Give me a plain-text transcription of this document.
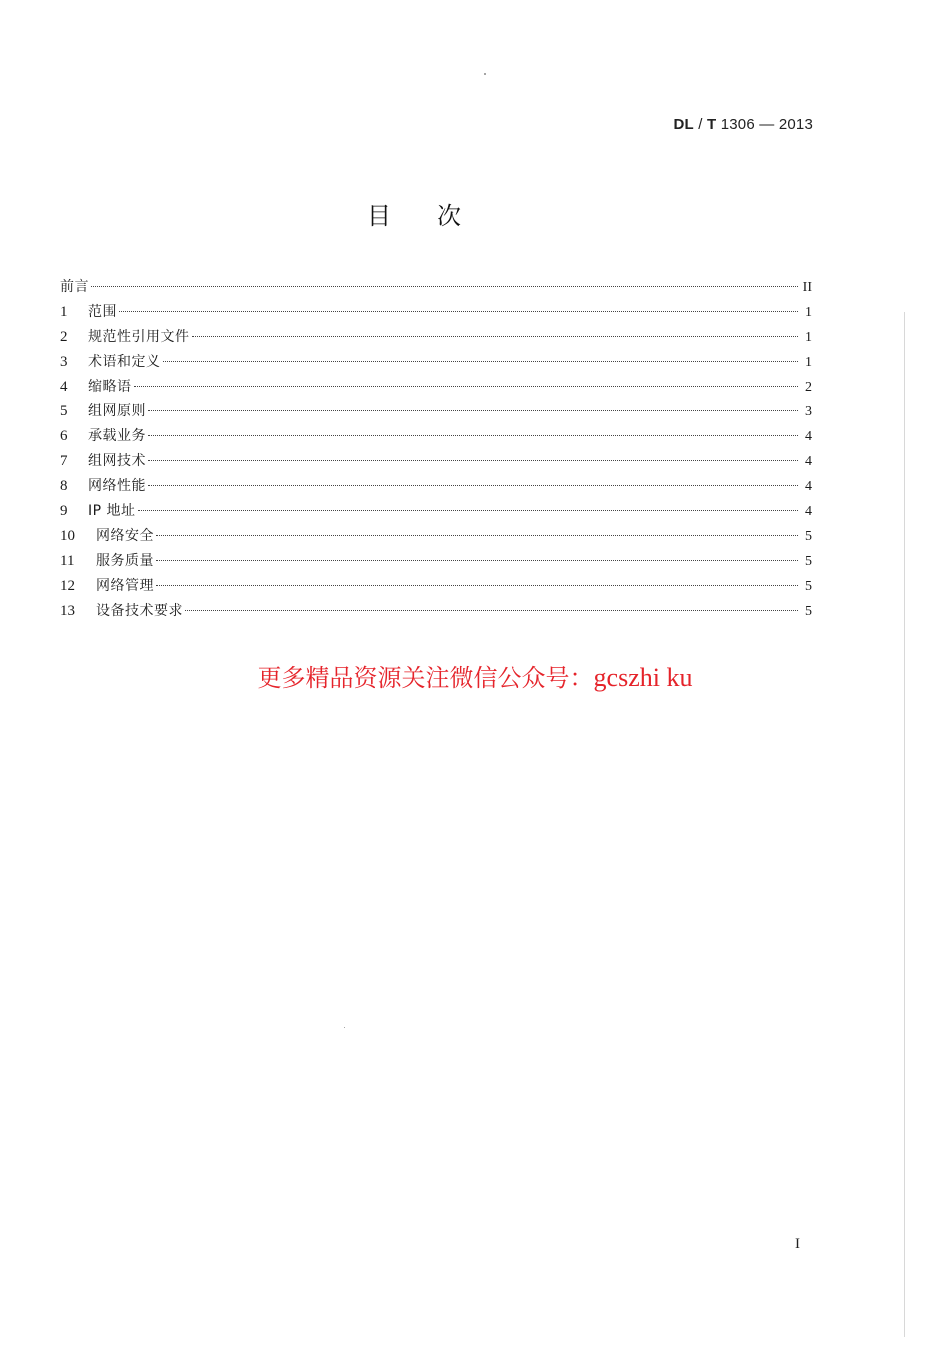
DL / T 1306 — 2013
目次
前言	II
1	范围	1
2	规范性引用文件	1
3	术语和定义	1
4	缩略语	2
5	组网原则	3
6	承载业务	4
7	组网技术	4
8	网络性能	4
9	IP 地址	4
10	网络安全	5
11	服务质量	5
12	网络管理	5
13	设备技术要求	5
更多精品资源关注微信公众号：gcszhi ku
I
